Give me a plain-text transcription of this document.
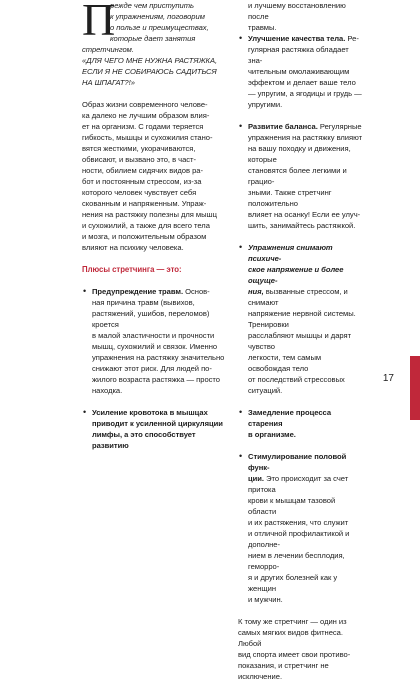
П
режде чем приступить
к упражнениям, поговорим
о пользе и преимуществах,
которые дает занятия стретчингом.
«ДЛЯ ЧЕГО МНЕ НУЖНА РАСТЯЖКА,
ЕСЛИ Я НЕ СОБИРАЮСЬ САДИТЬСЯ
НА ШПАГАТ?!»
Образ жизни современного челове-
ка далеко не лучшим образом влия-
ет на организм. С годами теряется
гибкость, мышцы и сухожилия стано-
вятся жесткими, укорачиваются,
обвисают, и вызвано это, в част-
ности, обилием сидячих видов ра-
бот и постоянным стрессом, из-за
которого человек чувствует себя
скованным и напряженным. Упраж-
нения на растяжку полезны для мышц
и сухожилий, а также для всего тела
и мозга, и положительным образом
влияют на психику человека.

Плюсы стретчинга — это:

• Предупреждение травм. Основ-
ная причина травм (вывихов,
растяжений, ушибов, переломов) кроется
в малой эластичности и прочности
мышц, сухожилий и связок. Именно
упражнения на растяжку значительно
снижают этот риск. Для людей по-
жилого возраста растяжка — просто
находка.
• Усиление кровотока в мышцах
приводит к усиленной циркуляции
лимфы, а это способствует развитию
и лучшему восстановлению после
травмы.
• Улучшение качества тела. Ре-
гулярная растяжка обладает зна-
чительным омолаживающим
эффектом и делает ваше тело
— упругим, а ягодицы и грудь — упругими.
• Развитие баланса. Регулярные
упражнения на растяжку влияют
на вашу походку и движения, которые
становятся более легкими и грацио-
зными. Также стретчинг положительно
влияет на осанку! Если ее улуч-
шить, занимайтесь растяжкой.
• Упражнения снимают психиче-
ское напряжение и более ощуще-
ния, вызванные стрессом, и снимают
напряжение нервной системы. Тренировки
расслабляют мышцы и дарят чувство
легкости, тем самым освобождая тело
от последствий стрессовых ситуаций.
• Замедление процесса старения
в организме.
• Стимулирование половой функ-
ции. Это происходит за счет притока
крови к мышцам тазовой области
и их растяжения, что служит
и отличной профилактикой и дополне-
нием в лечении бесплодия, геморро-
я и других болезней как у женщин
и мужчин.
К тому же стретчинг — один из
самых мягких видов фитнеса. Любой
вид спорта имеет свои противо-
показания, и стретчинг не исключение.
17
